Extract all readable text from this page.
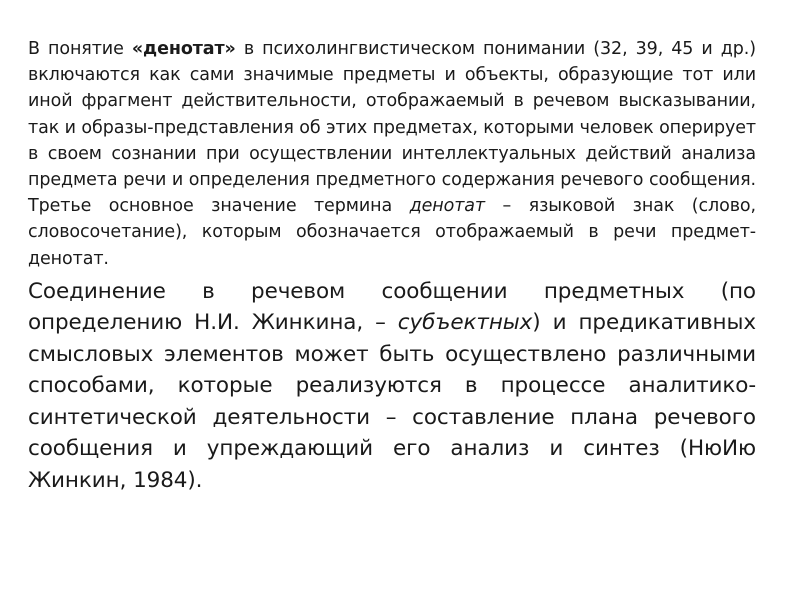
В понятие «денотат» в психолингвистическом понимании (32, 39, 45 и др.) включаются как сами значимые предметы и объекты, образующие тот или иной фрагмент действительности, отображаемый в речевом высказывании, так и образы-представления об этих предметах, которыми человек оперирует в своем сознании при осуществлении интеллектуальных действий анализа предмета речи и определения предметного содержания речевого сообщения. Третье основное значение термина денотат – языковой знак (слово, словосочетание), которым обозначается отображаемый в речи предмет-денотат.

Соединение в речевом сообщении предметных (по определению Н.И. Жинкина, – субъектных) и предикативных смысловых элементов может быть осуществлено различными способами, которые реализуются в процессе аналитико-синтетической деятельности – составление плана речевого сообщения и упреждающий его анализ и синтез (НюИю Жинкин, 1984).
